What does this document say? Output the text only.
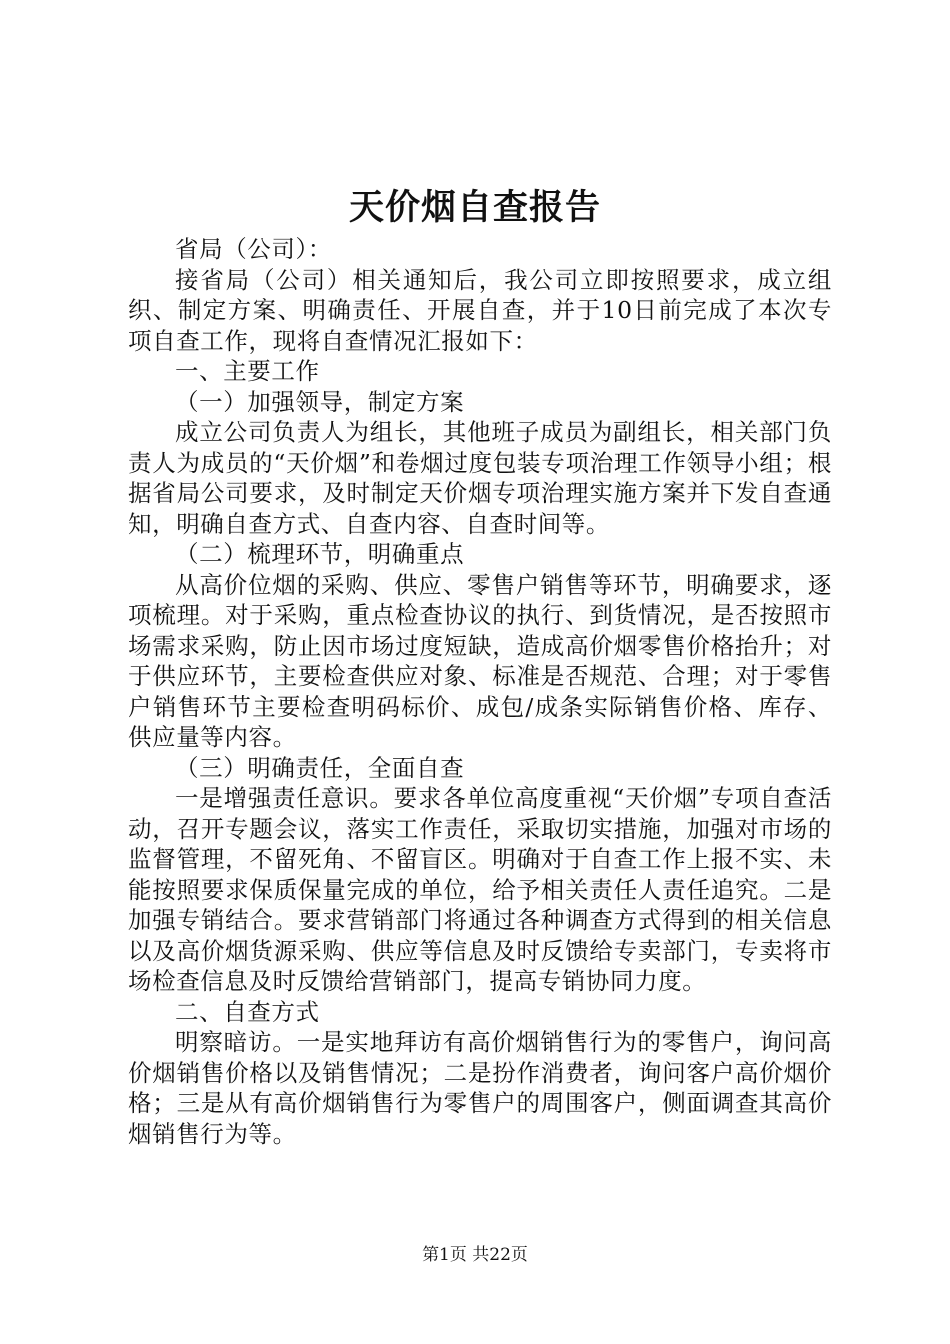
天价烟自查报告

省局（公司）：

接省局（公司）相关通知后，我公司立即按照要求，成立组织、制定方案、明确责任、开展自查，并于10日前完成了本次专项自查工作，现将自查情况汇报如下：

一、主要工作

（一）加强领导，制定方案

成立公司负责人为组长，其他班子成员为副组长，相关部门负责人为成员的“天价烟”和卷烟过度包装专项治理工作领导小组；根据省局公司要求，及时制定天价烟专项治理实施方案并下发自查通知，明确自查方式、自查内容、自查时间等。

（二）梳理环节，明确重点

从高价位烟的采购、供应、零售户销售等环节，明确要求，逐项梳理。对于采购，重点检查协议的执行、到货情况，是否按照市场需求采购，防止因市场过度短缺，造成高价烟零售价格抬升；对于供应环节，主要检查供应对象、标准是否规范、合理；对于零售户销售环节主要检查明码标价、成包/成条实际销售价格、库存、供应量等内容。

（三）明确责任，全面自查

一是增强责任意识。要求各单位高度重视“天价烟”专项自查活动，召开专题会议，落实工作责任，采取切实措施，加强对市场的监督管理，不留死角、不留盲区。明确对于自查工作上报不实、未能按照要求保质保量完成的单位，给予相关责任人责任追究。二是加强专销结合。要求营销部门将通过各种调查方式得到的相关信息以及高价烟货源采购、供应等信息及时反馈给专卖部门，专卖将市场检查信息及时反馈给营销部门，提高专销协同力度。

二、自查方式

明察暗访。一是实地拜访有高价烟销售行为的零售户，询问高价烟销售价格以及销售情况；二是扮作消费者，询问客户高价烟价格；三是从有高价烟销售行为零售户的周围客户，侧面调查其高价烟销售行为等。

第1页 共22页
